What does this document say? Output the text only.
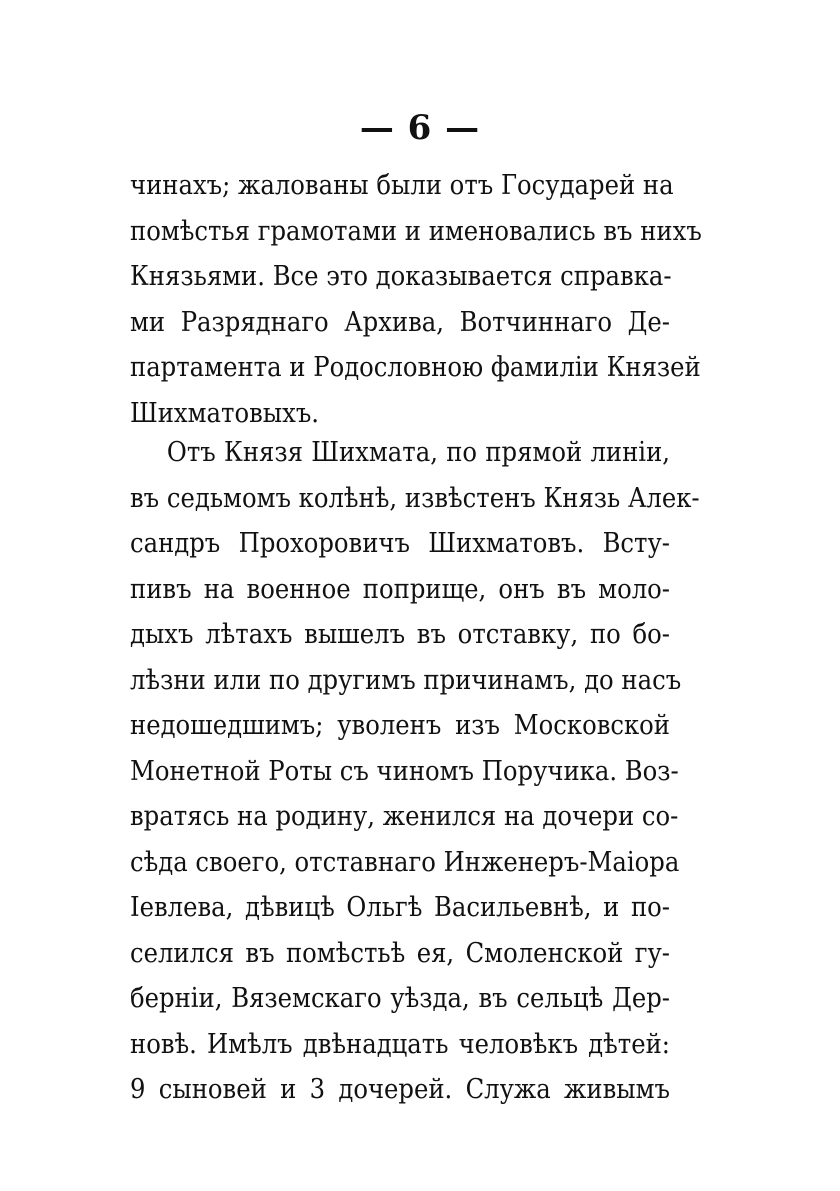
— 6 —
чинахъ; жалованы были отъ Государей на
помѣстья грамотами и именовались въ нихъ
Князьями. Все это доказывается справка-
ми Разряднаго Архива, Вотчиннаго Де-
партамента и Родословною фамиліи Князей
Шихматовыхъ.
Отъ Князя Шихмата, по прямой линіи,
въ седьмомъ колѣнѣ, извѣстенъ Князь Алек-
сандръ Прохоровичъ Шихматовъ. Всту-
пивъ на военное поприще, онъ въ моло-
дыхъ лѣтахъ вышелъ въ отставку, по бо-
лѣзни или по другимъ причинамъ, до насъ
недошедшимъ; уволенъ изъ Московской
Монетной Роты съ чиномъ Поручика. Воз-
вратясь на родину, женился на дочери со-
сѣда своего, отставнаго Инженеръ-Маіора
Іевлева, дѣвицѣ Ольгѣ Васильевнѣ, и по-
селился въ помѣстьѣ ея, Смоленской гу-
берніи, Вяземскаго уѣзда, въ сельцѣ Дер-
новѣ. Имѣлъ двѣнадцать человѣкъ дѣтей:
9 сыновей и 3 дочерей. Служа живымъ
